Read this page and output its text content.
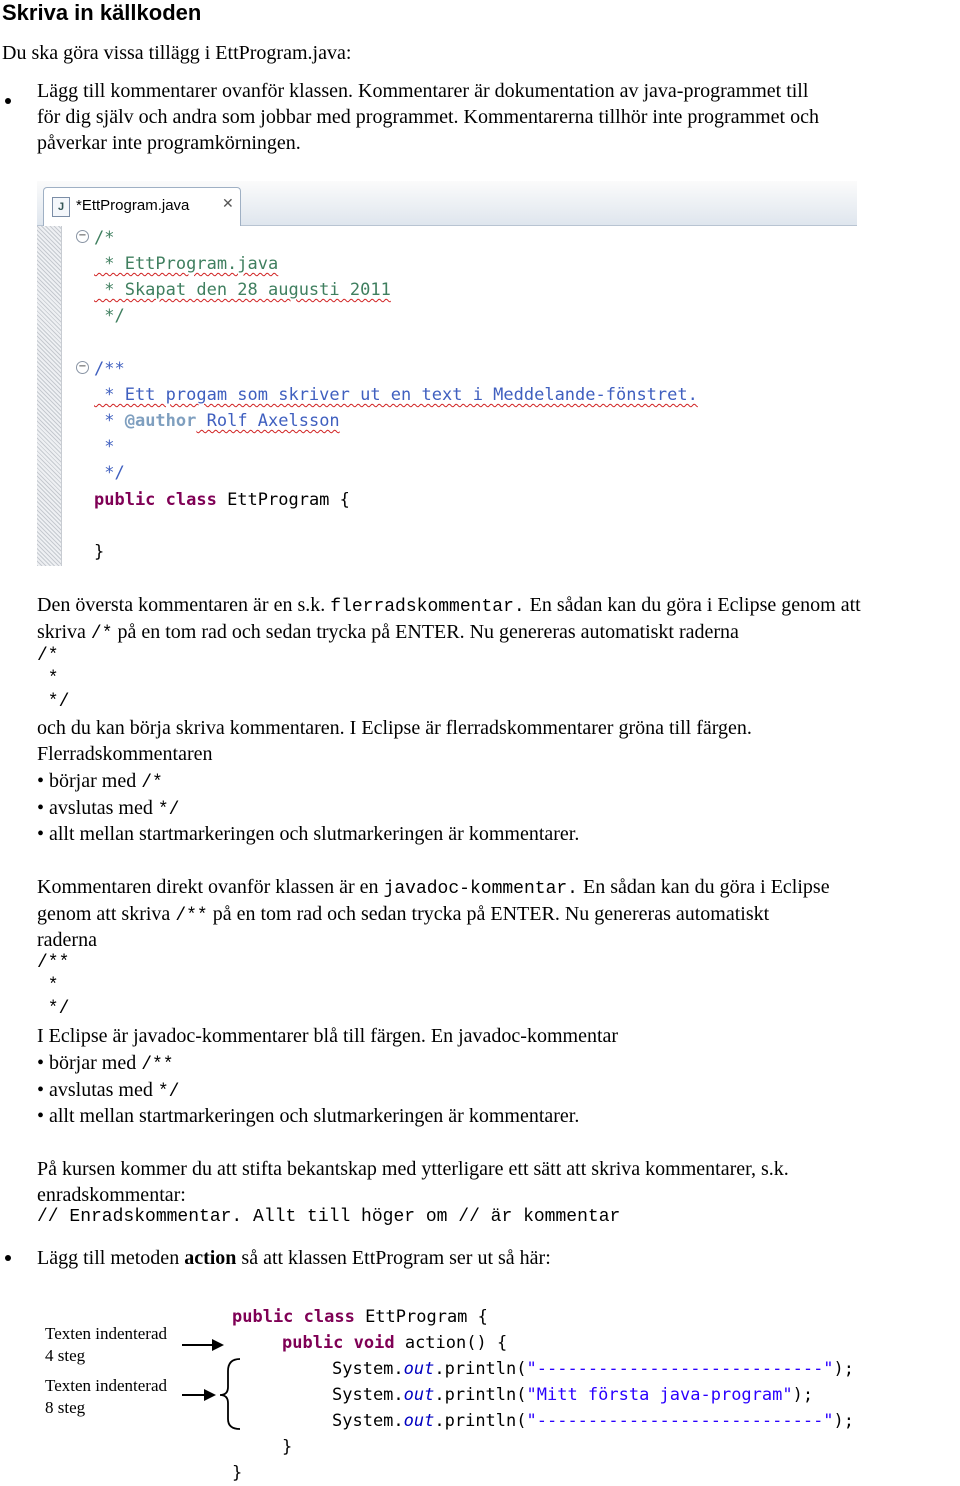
Skriva in källkoden
Du ska göra vissa tillägg i EttProgram.java:
Lägg till kommentarer ovanför klassen. Kommentarer är dokumentation av java-programmet till
för dig själv och andra som jobbar med programmet. Kommentarerna tillhör inte programmet och
påverkar inte programkörningen.
J *EttProgram.java ✕
−
−
/*
* EttProgram.java
* Skapat den 28 augusti 2011
*/
/**
* Ett progam som skriver ut en text i Meddelande-fönstret.
* @author Rolf Axelsson
*
*/
public class EttProgram {
}
Den översta kommentaren är en s.k. flerradskommentar. En sådan kan du göra i Eclipse genom att
skriva /* på en tom rad och sedan trycka på ENTER. Nu genereras automatiskt raderna
/*
*
*/
och du kan börja skriva kommentaren. I Eclipse är flerradskommentarer gröna till färgen.
Flerradskommentaren
• börjar med /*
• avslutas med */
• allt mellan startmarkeringen och slutmarkeringen är kommentarer.
Kommentaren direkt ovanför klassen är en javadoc-kommentar. En sådan kan du göra i Eclipse
genom att skriva /** på en tom rad och sedan trycka på ENTER. Nu genereras automatiskt
raderna
/**
*
*/
I Eclipse är javadoc-kommentarer blå till färgen. En javadoc-kommentar
• börjar med /**
• avslutas med */
• allt mellan startmarkeringen och slutmarkeringen är kommentarer.
På kursen kommer du att stifta bekantskap med ytterligare ett sätt att skriva kommentarer, s.k.
enradskommentar:
// Enradskommentar. Allt till höger om // är kommentar
Lägg till metoden action så att klassen EttProgram ser ut så här:
Texten indenterad
4 steg
Texten indenterad
8 steg
public class EttProgram {
public void action() {
System.out.println("----------------------------");
System.out.println("Mitt första java-program");
System.out.println("----------------------------");
}
}
